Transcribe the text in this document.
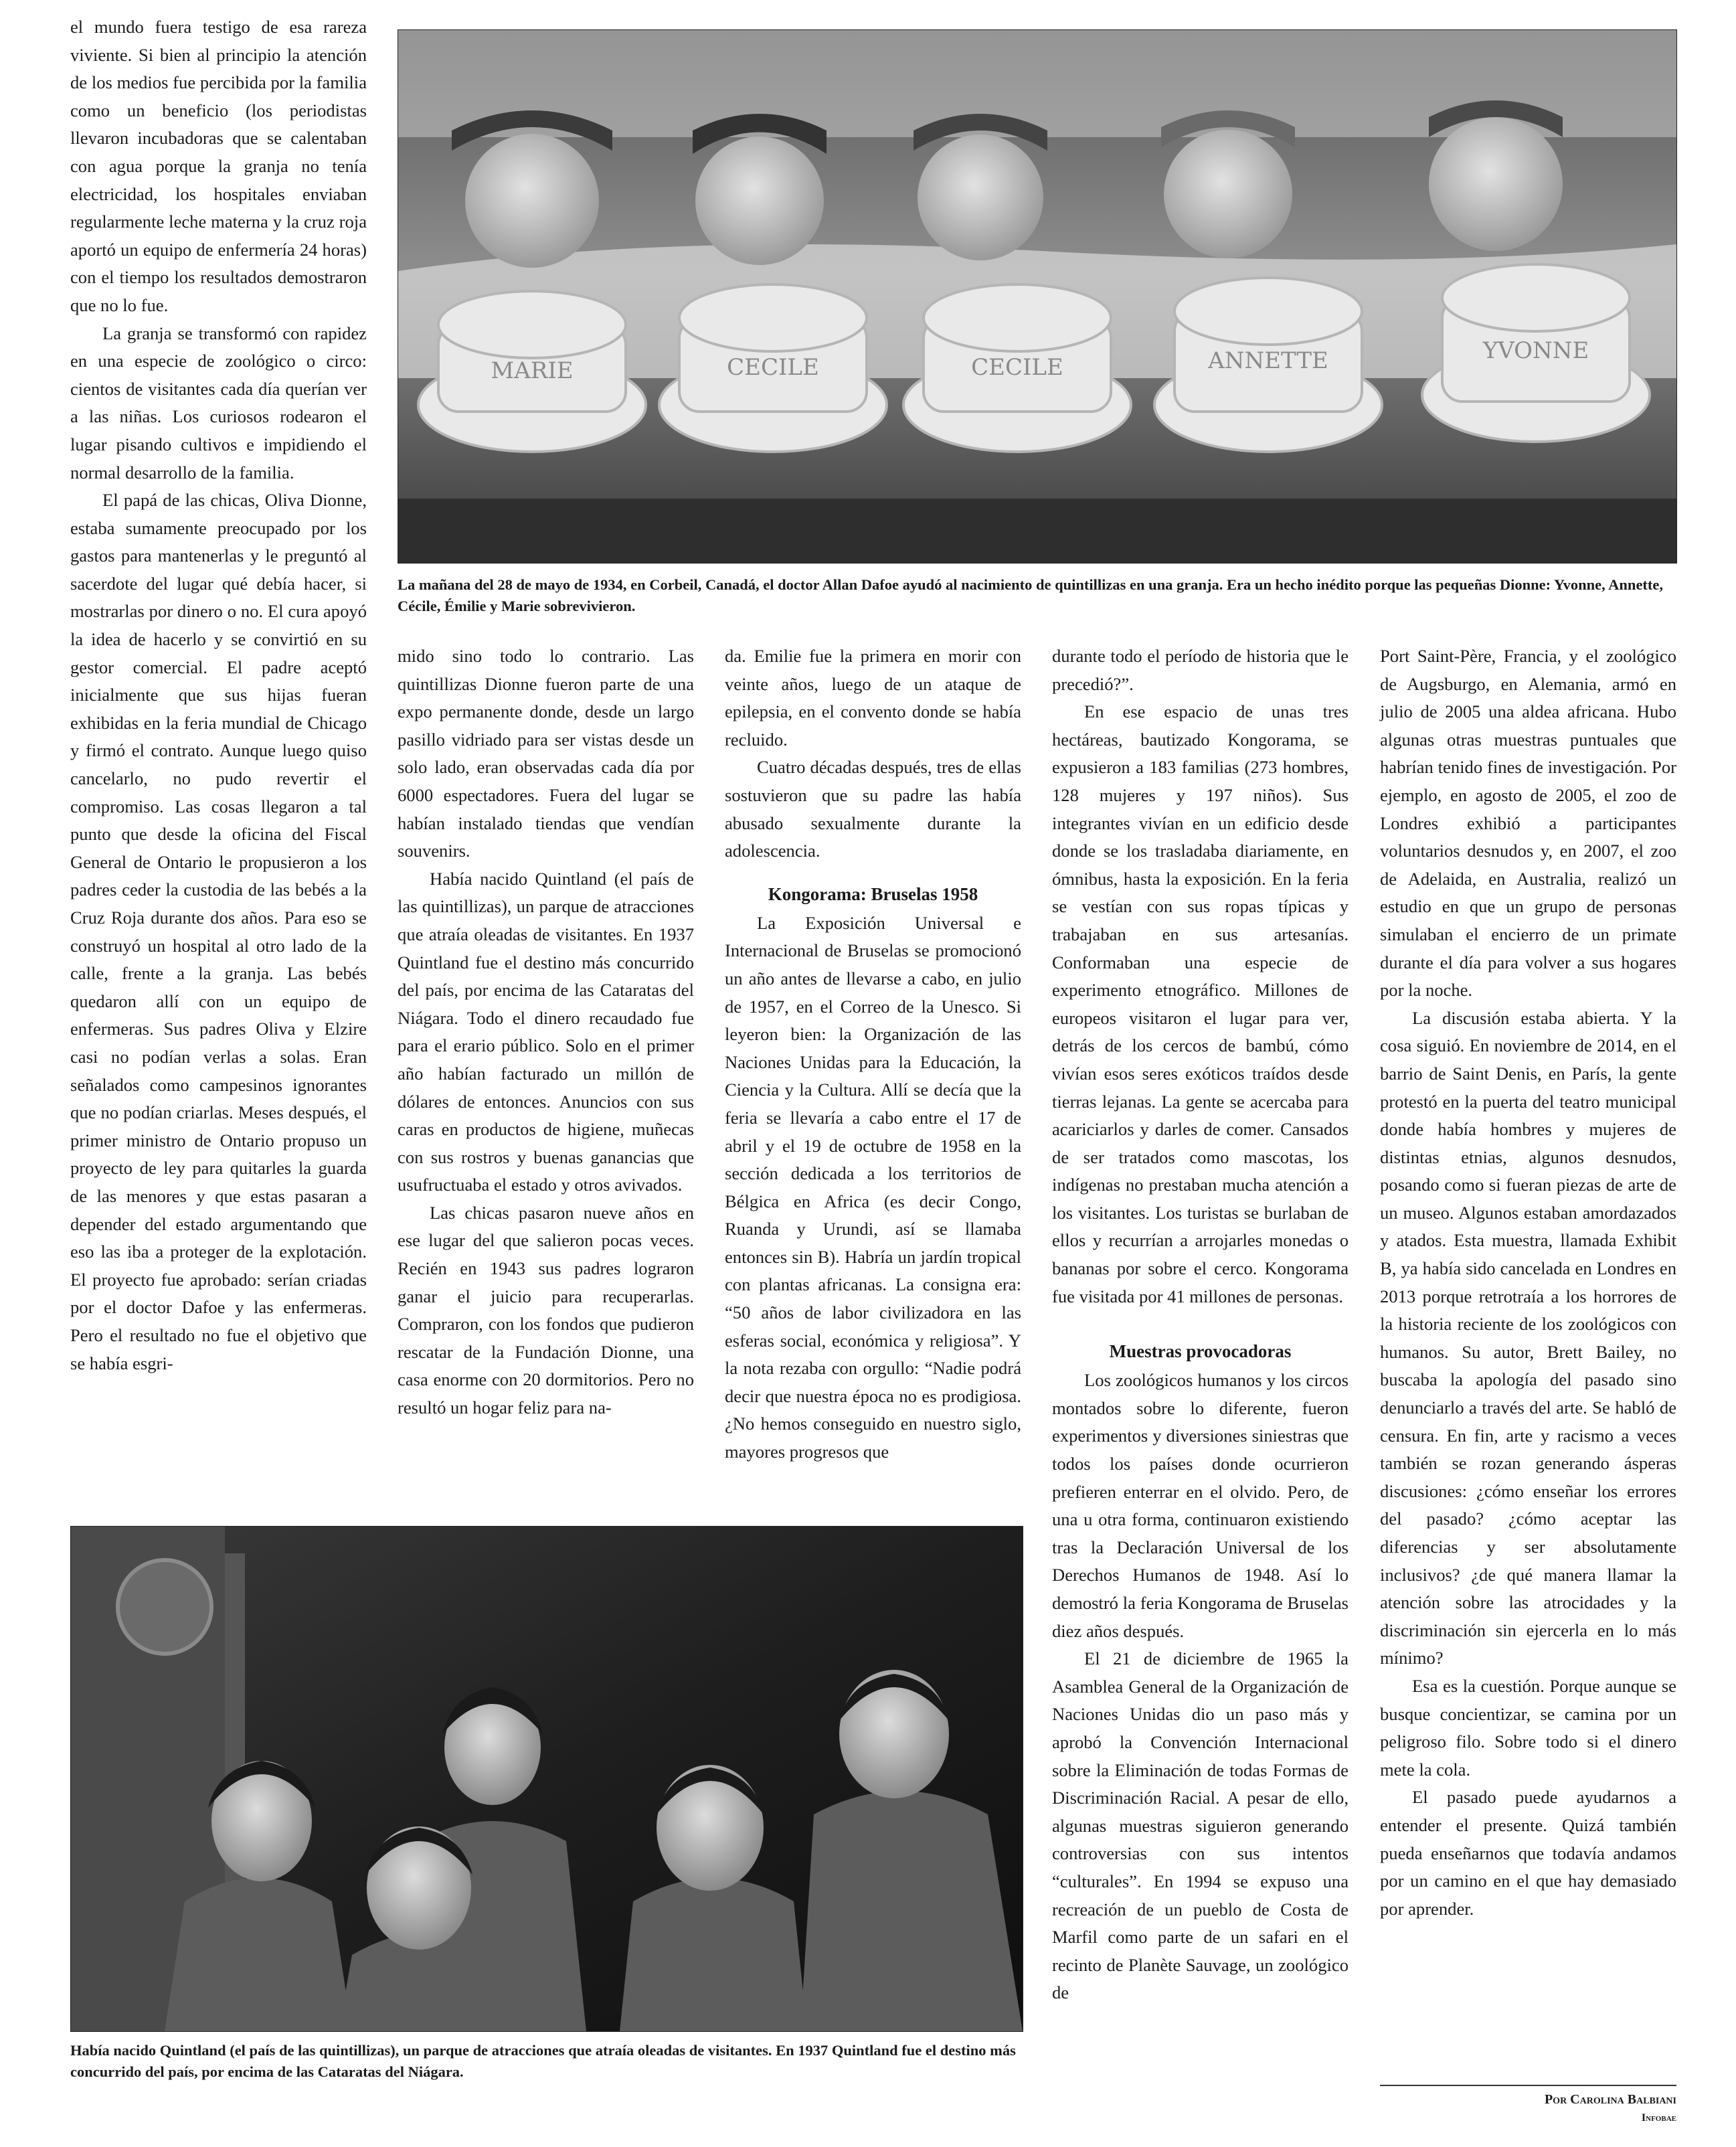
MARIE	CECILE	CECILE	ANNETTE	YVONNE
La mañana del 28 de mayo de 1934, en Corbeil, Canadá, el doctor Allan Dafoe ayudó al nacimiento de quintillizas en una granja. Era un hecho inédito porque las pequeñas Dionne: Yvonne, Annette, Cécile, Émilie y Marie sobrevivieron.

el mundo fuera testigo de esa rareza viviente. Si bien al principio la atención de los medios fue percibida por la familia como un beneficio (los periodistas llevaron incubadoras que se calentaban con agua porque la granja no tenía electricidad, los hospitales enviaban regularmente leche materna y la cruz roja aportó un equipo de enfermería 24 horas) con el tiempo los resultados demostraron que no lo fue.

La granja se transformó con rapidez en una especie de zoológico o circo: cientos de visitantes cada día querían ver a las niñas. Los curiosos rodearon el lugar pisando cultivos e impidiendo el normal desarrollo de la familia.

El papá de las chicas, Oliva Dionne, estaba sumamente preocupado por los gastos para mantenerlas y le preguntó al sacerdote del lugar qué debía hacer, si mostrarlas por dinero o no. El cura apoyó la idea de hacerlo y se convirtió en su gestor comercial. El padre aceptó inicialmente que sus hijas fueran exhibidas en la feria mundial de Chicago y firmó el contrato. Aunque luego quiso cancelarlo, no pudo revertir el compromiso. Las cosas llegaron a tal punto que desde la oficina del Fiscal General de Ontario le propusieron a los padres ceder la custodia de las bebés a la Cruz Roja durante dos años. Para eso se construyó un hospital al otro lado de la calle, frente a la granja. Las bebés quedaron allí con un equipo de enfermeras. Sus padres Oliva y Elzire casi no podían verlas a solas. Eran señalados como campesinos ignorantes que no podían criarlas. Meses después, el primer ministro de Ontario propuso un proyecto de ley para quitarles la guarda de las menores y que estas pasaran a depender del estado argumentando que eso las iba a proteger de la explotación. El proyecto fue aprobado: serían criadas por el doctor Dafoe y las enfermeras. Pero el resultado no fue el objetivo que se había esgri-

mido sino todo lo contrario. Las quintillizas Dionne fueron parte de una expo permanente donde, desde un largo pasillo vidriado para ser vistas desde un solo lado, eran observadas cada día por 6000 espectadores. Fuera del lugar se habían instalado tiendas que vendían souvenirs.

Había nacido Quintland (el país de las quintillizas), un parque de atracciones que atraía oleadas de visitantes. En 1937 Quintland fue el destino más concurrido del país, por encima de las Cataratas del Niágara. Todo el dinero recaudado fue para el erario público. Solo en el primer año habían facturado un millón de dólares de entonces. Anuncios con sus caras en productos de higiene, muñecas con sus rostros y buenas ganancias que usufructuaba el estado y otros avivados.

Las chicas pasaron nueve años en ese lugar del que salieron pocas veces. Recién en 1943 sus padres lograron ganar el juicio para recuperarlas. Compraron, con los fondos que pudieron rescatar de la Fundación Dionne, una casa enorme con 20 dormitorios. Pero no resultó un hogar feliz para na-

da. Emilie fue la primera en morir con veinte años, luego de un ataque de epilepsia, en el convento donde se había recluido.

Cuatro décadas después, tres de ellas sostuvieron que su padre las había abusado sexualmente durante la adolescencia.

Kongorama: Bruselas 1958

La Exposición Universal e Internacional de Bruselas se promocionó un año antes de llevarse a cabo, en julio de 1957, en el Correo de la Unesco. Si leyeron bien: la Organización de las Naciones Unidas para la Educación, la Ciencia y la Cultura. Allí se decía que la feria se llevaría a cabo entre el 17 de abril y el 19 de octubre de 1958 en la sección dedicada a los territorios de Bélgica en Africa (es decir Congo, Ruanda y Urundi, así se llamaba entonces sin B). Habría un jardín tropical con plantas africanas. La consigna era: “50 años de labor civilizadora en las esferas social, económica y religiosa”. Y la nota rezaba con orgullo: “Nadie podrá decir que nuestra época no es prodigiosa. ¿No hemos conseguido en nuestro siglo, mayores progresos que

durante todo el período de historia que le precedió?”.

En ese espacio de unas tres hectáreas, bautizado Kongorama, se expusieron a 183 familias (273 hombres, 128 mujeres y 197 niños). Sus integrantes vivían en un edificio desde donde se los trasladaba diariamente, en ómnibus, hasta la exposición. En la feria se vestían con sus ropas típicas y trabajaban en sus artesanías. Conformaban una especie de experimento etnográfico. Millones de europeos visitaron el lugar para ver, detrás de los cercos de bambú, cómo vivían esos seres exóticos traídos desde tierras lejanas. La gente se acercaba para acariciarlos y darles de comer. Cansados de ser tratados como mascotas, los indígenas no prestaban mucha atención a los visitantes. Los turistas se burlaban de ellos y recurrían a arrojarles monedas o bananas por sobre el cerco. Kongorama fue visitada por 41 millones de personas.

Muestras provocadoras

Los zoológicos humanos y los circos montados sobre lo diferente, fueron experimentos y diversiones siniestras que todos los países donde ocurrieron prefieren enterrar en el olvido. Pero, de una u otra forma, continuaron existiendo tras la Declaración Universal de los Derechos Humanos de 1948. Así lo demostró la feria Kongorama de Bruselas diez años después.

El 21 de diciembre de 1965 la Asamblea General de la Organización de Naciones Unidas dio un paso más y aprobó la Convención Internacional sobre la Eliminación de todas Formas de Discriminación Racial. A pesar de ello, algunas muestras siguieron generando controversias con sus intentos “culturales”. En 1994 se expuso una recreación de un pueblo de Costa de Marfil como parte de un safari en el recinto de Planète Sauvage, un zoológico de

Port Saint-Père, Francia, y el zoológico de Augsburgo, en Alemania, armó en julio de 2005 una aldea africana. Hubo algunas otras muestras puntuales que habrían tenido fines de investigación. Por ejemplo, en agosto de 2005, el zoo de Londres exhibió a participantes voluntarios desnudos y, en 2007, el zoo de Adelaida, en Australia, realizó un estudio en que un grupo de personas simulaban el encierro de un primate durante el día para volver a sus hogares por la noche.

La discusión estaba abierta. Y la cosa siguió. En noviembre de 2014, en el barrio de Saint Denis, en París, la gente protestó en la puerta del teatro municipal donde había hombres y mujeres de distintas etnias, algunos desnudos, posando como si fueran piezas de arte de un museo. Algunos estaban amordazados y atados. Esta muestra, llamada Exhibit B, ya había sido cancelada en Londres en 2013 porque retrotraía a los horrores de la historia reciente de los zoológicos con humanos. Su autor, Brett Bailey, no buscaba la apología del pasado sino denunciarlo a través del arte. Se habló de censura. En fin, arte y racismo a veces también se rozan generando ásperas discusiones: ¿cómo enseñar los errores del pasado? ¿cómo aceptar las diferencias y ser absolutamente inclusivos? ¿de qué manera llamar la atención sobre las atrocidades y la discriminación sin ejercerla en lo más mínimo?

Esa es la cuestión. Porque aunque se busque concientizar, se camina por un peligroso filo. Sobre todo si el dinero mete la cola.

El pasado puede ayudarnos a entender el presente. Quizá también pueda enseñarnos que todavía andamos por un camino en el que hay demasiado por aprender.

Había nacido Quintland (el país de las quintillizas), un parque de atracciones que atraía oleadas de visitantes. En 1937 Quintland fue el destino más concurrido del país, por encima de las Cataratas del Niágara.
Por Carolina Balbiani
Infobae
